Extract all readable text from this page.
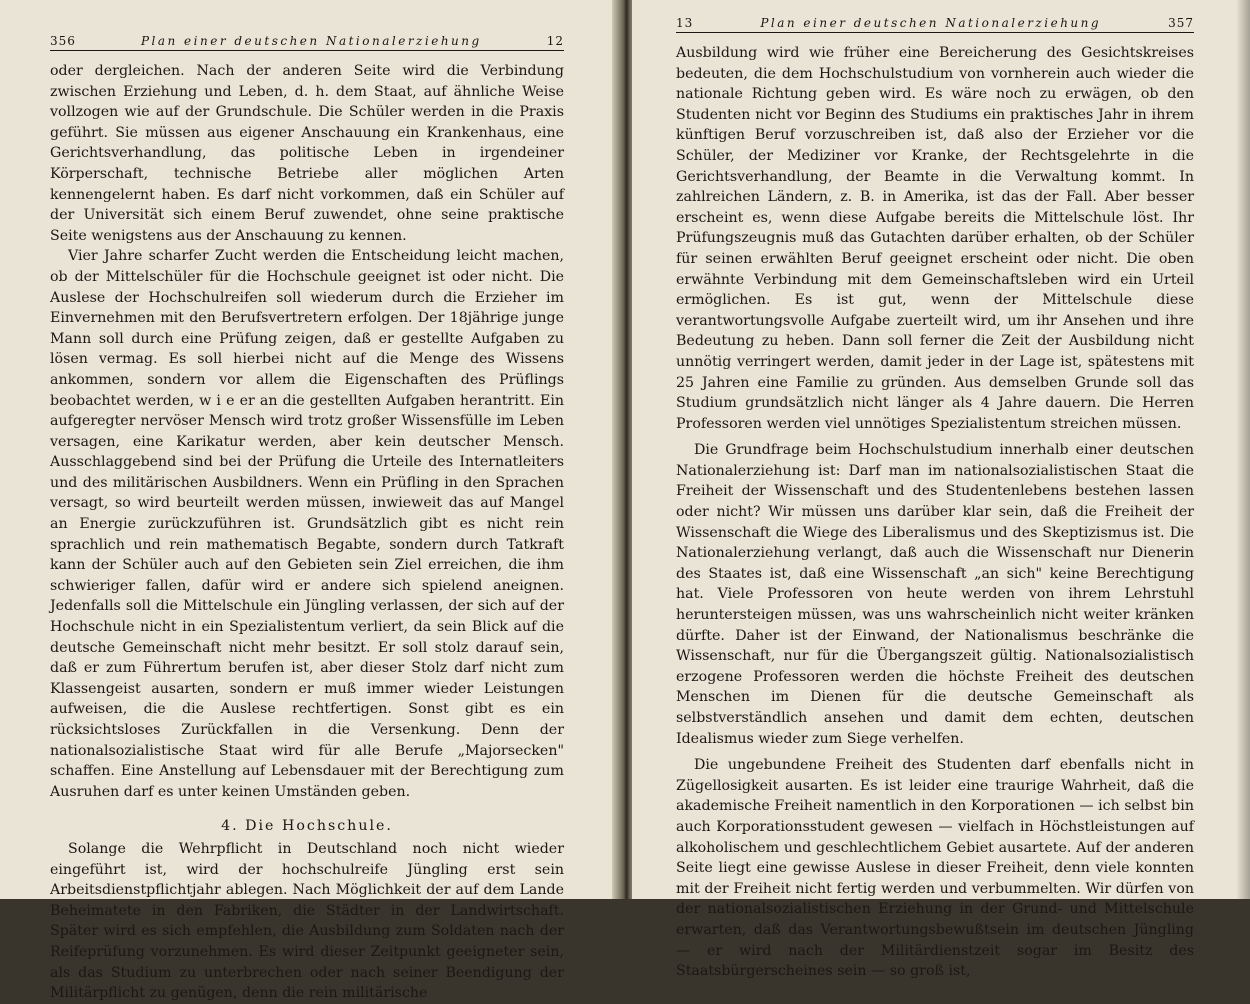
356	Plan einer deutschen Nationalerziehung	12

oder dergleichen. Nach der anderen Seite wird die Verbindung zwischen Erziehung und Leben, d. h. dem Staat, auf ähnliche Weise vollzogen wie auf der Grundschule. Die Schüler werden in die Praxis geführt. Sie müssen aus eigener Anschauung ein Krankenhaus, eine Gerichtsverhandlung, das politische Leben in irgendeiner Körperschaft, technische Betriebe aller möglichen Arten kennengelernt haben. Es darf nicht vorkommen, daß ein Schüler auf der Universität sich einem Beruf zuwendet, ohne seine praktische Seite wenigstens aus der Anschauung zu kennen.

Vier Jahre scharfer Zucht werden die Entscheidung leicht machen, ob der Mittelschüler für die Hochschule geeignet ist oder nicht. Die Auslese der Hochschulreifen soll wiederum durch die Erzieher im Einvernehmen mit den Berufsvertretern erfolgen. Der 18jährige junge Mann soll durch eine Prüfung zeigen, daß er gestellte Aufgaben zu lösen vermag. Es soll hierbei nicht auf die Menge des Wissens ankommen, sondern vor allem die Eigenschaften des Prüflings beobachtet werden, w i e er an die gestellten Aufgaben herantritt. Ein aufgeregter nervöser Mensch wird trotz großer Wissensfülle im Leben versagen, eine Karikatur werden, aber kein deutscher Mensch. Ausschlaggebend sind bei der Prüfung die Urteile des Internatleiters und des militärischen Ausbildners. Wenn ein Prüfling in den Sprachen versagt, so wird beurteilt werden müssen, inwieweit das auf Mangel an Energie zurückzuführen ist. Grundsätzlich gibt es nicht rein sprachlich und rein mathematisch Begabte, sondern durch Tatkraft kann der Schüler auch auf den Gebieten sein Ziel erreichen, die ihm schwieriger fallen, dafür wird er andere sich spielend aneignen. Jedenfalls soll die Mittelschule ein Jüngling verlassen, der sich auf der Hochschule nicht in ein Spezialistentum verliert, da sein Blick auf die deutsche Gemeinschaft nicht mehr besitzt. Er soll stolz darauf sein, daß er zum Führertum berufen ist, aber dieser Stolz darf nicht zum Klassengeist ausarten, sondern er muß immer wieder Leistungen aufweisen, die die Auslese rechtfertigen. Sonst gibt es ein rücksichtsloses Zurückfallen in die Versenkung. Denn der nationalsozialistische Staat wird für alle Berufe „Majorsecken" schaffen. Eine Anstellung auf Lebensdauer mit der Berechtigung zum Ausruhen darf es unter keinen Umständen geben.

4. Die Hochschule.

Solange die Wehrpflicht in Deutschland noch nicht wieder eingeführt ist, wird der hochschulreife Jüngling erst sein Arbeitsdienstpflichtjahr ablegen. Nach Möglichkeit der auf dem Lande Beheimatete in den Fabriken, die Städter in der Landwirtschaft. Später wird es sich empfehlen, die Ausbildung zum Soldaten nach der Reifeprüfung vorzunehmen. Es wird dieser Zeitpunkt geeigneter sein, als das Studium zu unterbrechen oder nach seiner Beendigung der Militärpflicht zu genügen, denn die rein militärische

13	Plan einer deutschen Nationalerziehung	357

Ausbildung wird wie früher eine Bereicherung des Gesichtskreises bedeuten, die dem Hochschulstudium von vornherein auch wieder die nationale Richtung geben wird. Es wäre noch zu erwägen, ob den Studenten nicht vor Beginn des Studiums ein praktisches Jahr in ihrem künftigen Beruf vorzuschreiben ist, daß also der Erzieher vor die Schüler, der Mediziner vor Kranke, der Rechtsgelehrte in die Gerichtsverhandlung, der Beamte in die Verwaltung kommt. In zahlreichen Ländern, z. B. in Amerika, ist das der Fall. Aber besser erscheint es, wenn diese Aufgabe bereits die Mittelschule löst. Ihr Prüfungszeugnis muß das Gutachten darüber erhalten, ob der Schüler für seinen erwählten Beruf geeignet erscheint oder nicht. Die oben erwähnte Verbindung mit dem Gemeinschaftsleben wird ein Urteil ermöglichen. Es ist gut, wenn der Mittelschule diese verantwortungsvolle Aufgabe zuerteilt wird, um ihr Ansehen und ihre Bedeutung zu heben. Dann soll ferner die Zeit der Ausbildung nicht unnötig verringert werden, damit jeder in der Lage ist, spätestens mit 25 Jahren eine Familie zu gründen. Aus demselben Grunde soll das Studium grundsätzlich nicht länger als 4 Jahre dauern. Die Herren Professoren werden viel unnötiges Spezialistentum streichen müssen.

Die Grundfrage beim Hochschulstudium innerhalb einer deutschen Nationalerziehung ist: Darf man im nationalsozialistischen Staat die Freiheit der Wissenschaft und des Studentenlebens bestehen lassen oder nicht? Wir müssen uns darüber klar sein, daß die Freiheit der Wissenschaft die Wiege des Liberalismus und des Skeptizismus ist. Die Nationalerziehung verlangt, daß auch die Wissenschaft nur Dienerin des Staates ist, daß eine Wissenschaft „an sich" keine Berechtigung hat. Viele Professoren von heute werden von ihrem Lehrstuhl heruntersteigen müssen, was uns wahrscheinlich nicht weiter kränken dürfte. Daher ist der Einwand, der Nationalismus beschränke die Wissenschaft, nur für die Übergangszeit gültig. Nationalsozialistisch erzogene Professoren werden die höchste Freiheit des deutschen Menschen im Dienen für die deutsche Gemeinschaft als selbstverständlich ansehen und damit dem echten, deutschen Idealismus wieder zum Siege verhelfen.

Die ungebundene Freiheit des Studenten darf ebenfalls nicht in Zügellosigkeit ausarten. Es ist leider eine traurige Wahrheit, daß die akademische Freiheit namentlich in den Korporationen — ich selbst bin auch Korporationsstudent gewesen — vielfach in Höchstleistungen auf alkoholischem und geschlechtlichem Gebiet ausartete. Auf der anderen Seite liegt eine gewisse Auslese in dieser Freiheit, denn viele konnten mit der Freiheit nicht fertig werden und verbummelten. Wir dürfen von der nationalsozialistischen Erziehung in der Grund- und Mittelschule erwarten, daß das Verantwortungsbewußtsein im deutschen Jüngling — er wird nach der Militärdienstzeit sogar im Besitz des Staatsbürgerscheines sein — so groß ist,
